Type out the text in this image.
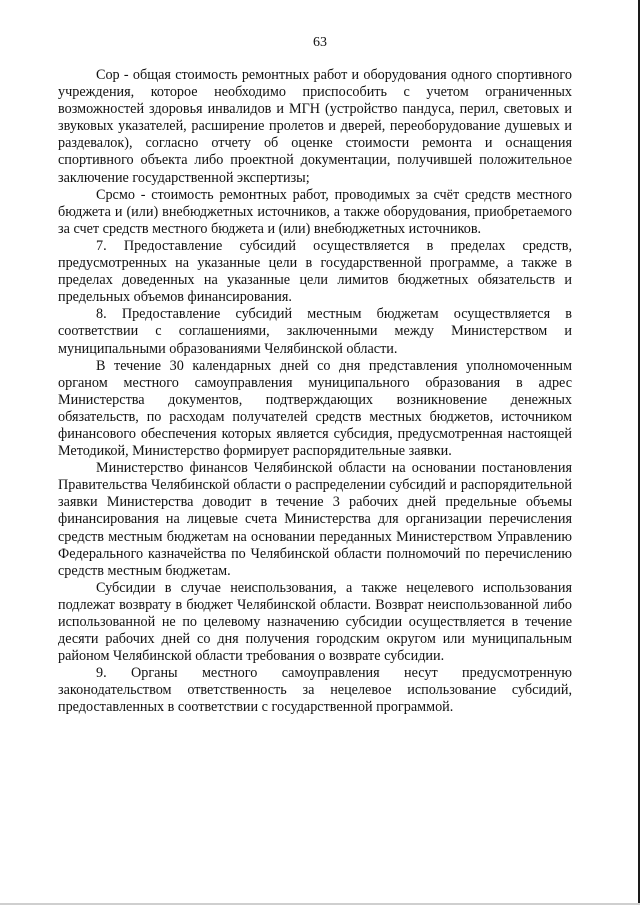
63

Сор - общая стоимость ремонтных работ и оборудования одного спортивного учреждения, которое необходимо приспособить с учетом ограниченных возможностей здоровья инвалидов и МГН (устройство пандуса, перил, световых и звуковых указателей, расширение пролетов и дверей, переоборудование душевых и раздевалок), согласно отчету об оценке стоимости ремонта и оснащения спортивного объекта либо проектной документации, получившей положительное заключение государственной экспертизы;

Срсмо - стоимость ремонтных работ, проводимых за счёт средств местного бюджета и (или) внебюджетных источников, а также оборудования, приобретаемого за счет средств местного бюджета и (или) внебюджетных источников.

7. Предоставление субсидий осуществляется в пределах средств, предусмотренных на указанные цели в государственной программе, а также в пределах доведенных на указанные цели лимитов бюджетных обязательств и предельных объемов финансирования.

8. Предоставление субсидий местным бюджетам осуществляется в соответствии с соглашениями, заключенными между Министерством и муниципальными образованиями Челябинской области.

В течение 30 календарных дней со дня представления уполномоченным органом местного самоуправления муниципального образования в адрес Министерства документов, подтверждающих возникновение денежных обязательств, по расходам получателей средств местных бюджетов, источником финансового обеспечения которых является субсидия, предусмотренная настоящей Методикой, Министерство формирует распорядительные заявки.

Министерство финансов Челябинской области на основании постановления Правительства Челябинской области о распределении субсидий и распорядительной заявки Министерства доводит в течение 3 рабочих дней предельные объемы финансирования на лицевые счета Министерства для организации перечисления средств местным бюджетам на основании переданных Министерством Управлению Федерального казначейства по Челябинской области полномочий по перечислению средств местным бюджетам.

Субсидии в случае неиспользования, а также нецелевого использования подлежат возврату в бюджет Челябинской области. Возврат неиспользованной либо использованной не по целевому назначению субсидии осуществляется в течение десяти рабочих дней со дня получения городским округом или муниципальным районом Челябинской области требования о возврате субсидии.

9. Органы местного самоуправления несут предусмотренную законодательством ответственность за нецелевое использование субсидий, предоставленных в соответствии с государственной программой.
